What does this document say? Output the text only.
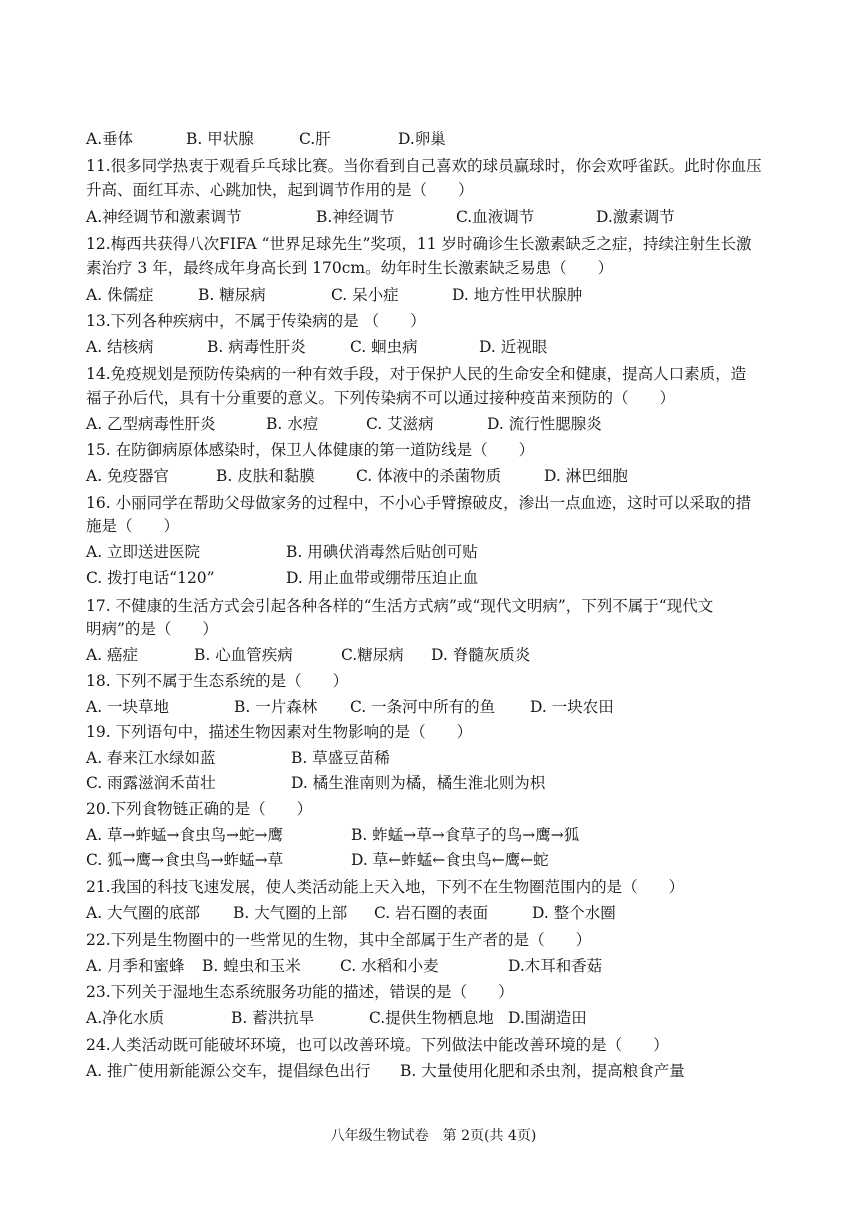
A.垂体	B. 甲状腺	C.肝	D.卵巢
11.很多同学热衷于观看乒乓球比赛。当你看到自己喜欢的球员赢球时，你会欢呼雀跃。此时你血压
升高、面红耳赤、心跳加快，起到调节作用的是（　　）
A.神经调节和激素调节	B.神经调节	C.血液调节	D.激素调节
12.梅西共获得八次FIFA “世界足球先生”奖项，11 岁时确诊生长激素缺乏之症，持续注射生长激
素治疗 3 年，最终成年身高长到 170cm。幼年时生长激素缺乏易患（　　）
A. 侏儒症	B. 糖尿病	C. 呆小症	D. 地方性甲状腺肿
13.下列各种疾病中，不属于传染病的是 （　　）
A. 结核病	B. 病毒性肝炎	C. 蛔虫病	D. 近视眼
14.免疫规划是预防传染病的一种有效手段，对于保护人民的生命安全和健康，提高人口素质，造
福子孙后代，具有十分重要的意义。下列传染病不可以通过接种疫苗来预防的（　　）
A. 乙型病毒性肝炎	B. 水痘	C. 艾滋病	D. 流行性腮腺炎
15. 在防御病原体感染时，保卫人体健康的第一道防线是（　　）
A. 免疫器官	B. 皮肤和黏膜	C. 体液中的杀菌物质	D. 淋巴细胞
16. 小丽同学在帮助父母做家务的过程中，不小心手臂擦破皮，渗出一点血迹，这时可以采取的措
施是（　　）
A. 立即送进医院	B. 用碘伏消毒然后贴创可贴
C. 拨打电话“120”	D. 用止血带或绷带压迫止血
17. 不健康的生活方式会引起各种各样的“生活方式病”或“现代文明病”，下列不属于“现代文
明病”的是（　　）
A. 癌症	B. 心血管疾病	C.糖尿病 D. 脊髓灰质炎
18. 下列不属于生态系统的是（　　）
A. 一块草地	B. 一片森林 C. 一条河中所有的鱼 D. 一块农田
19. 下列语句中，描述生物因素对生物影响的是（　　）
A. 春来江水绿如蓝	B. 草盛豆苗稀
C. 雨露滋润禾苗壮	D. 橘生淮南则为橘，橘生淮北则为枳
20.下列食物链正确的是（　　）
A. 草→蚱蜢→食虫鸟→蛇→鹰	B. 蚱蜢→草→食草子的鸟→鹰→狐
C. 狐→鹰→食虫鸟→蚱蜢→草	D. 草←蚱蜢←食虫鸟←鹰←蛇
21.我国的科技飞速发展，使人类活动能上天入地，下列不在生物圈范围内的是（　　）
A. 大气圈的底部 B. 大气圈的上部 C. 岩石圈的表面	D. 整个水圈
22.下列是生物圈中的一些常见的生物，其中全部属于生产者的是（　　）
A. 月季和蜜蜂 B. 蝗虫和玉米	C. 水稻和小麦	D.木耳和香菇
23.下列关于湿地生态系统服务功能的描述，错误的是（　　）
A.净化水质	B. 蓄洪抗旱	C.提供生物栖息地 D.围湖造田
24.人类活动既可能破坏环境，也可以改善环境。下列做法中能改善环境的是（　　）
A. 推广使用新能源公交车，提倡绿色出行 B. 大量使用化肥和杀虫剂，提高粮食产量
八年级生物试卷　第 2页(共 4页)
